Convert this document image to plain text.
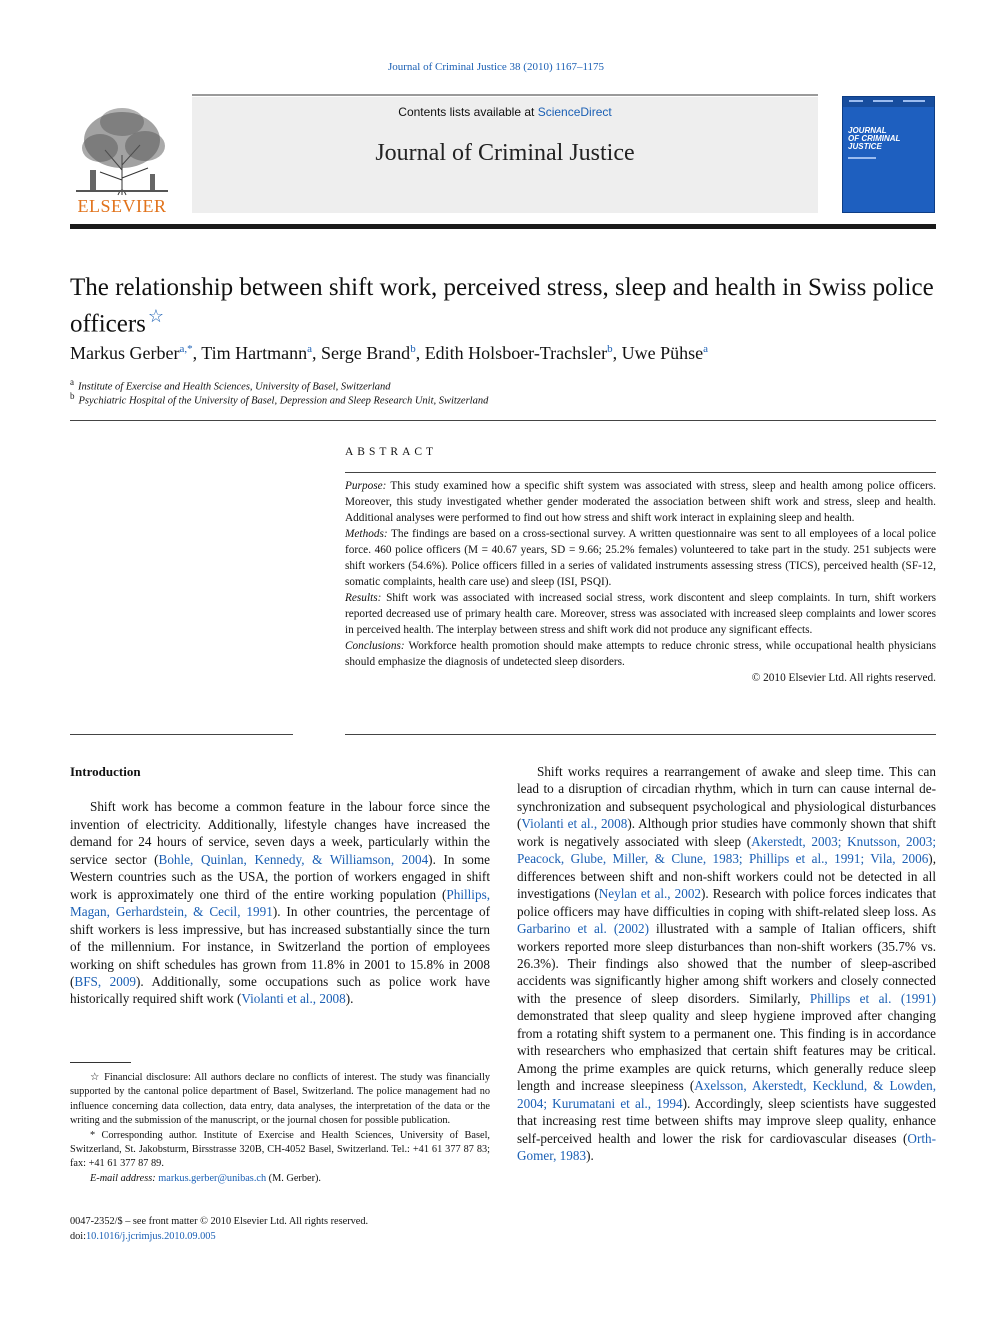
Journal of Criminal Justice 38 (2010) 1167–1175
ELSEVIER
Contents lists available at ScienceDirect
Journal of Criminal Justice
JOURNAL
OF CRIMINAL
JUSTICE
The relationship between shift work, perceived stress, sleep and health in Swiss police officers ☆
Markus Gerber$^{a,*}$, Tim Hartmann$^a$, Serge Brand$^b$, Edith Holsboer-Trachsler$^b$, Uwe Pühse$^a$
a Institute of Exercise and Health Sciences, University of Basel, Switzerland
b Psychiatric Hospital of the University of Basel, Depression and Sleep Research Unit, Switzerland
ABSTRACT

Purpose: This study examined how a specific shift system was associated with stress, sleep and health among police officers. Moreover, this study investigated whether gender moderated the association between shift work and stress, sleep and health. Additional analyses were performed to find out how stress and shift work interact in explaining sleep and health.

Methods: The findings are based on a cross-sectional survey. A written questionnaire was sent to all employees of a local police force. 460 police officers (M = 40.67 years, SD = 9.66; 25.2% females) volunteered to take part in the study. 251 subjects were shift workers (54.6%). Police officers filled in a series of validated instruments assessing stress (TICS), perceived health (SF-12, somatic complaints, health care use) and sleep (ISI, PSQI).

Results: Shift work was associated with increased social stress, work discontent and sleep complaints. In turn, shift workers reported decreased use of primary health care. Moreover, stress was associated with increased sleep complaints and lower scores in perceived health. The interplay between stress and shift work did not produce any significant effects.

Conclusions: Workforce health promotion should make attempts to reduce chronic stress, while occupational health physicians should emphasize the diagnosis of undetected sleep disorders.

© 2010 Elsevier Ltd. All rights reserved.

Introduction

Shift work has become a common feature in the labour force since the invention of electricity. Additionally, lifestyle changes have increased the demand for 24 hours of service, seven days a week, particularly within the service sector (Bohle, Quinlan, Kennedy, & Williamson, 2004). In some Western countries such as the USA, the portion of workers engaged in shift work is approximately one third of the entire working population (Phillips, Magan, Gerhardstein, & Cecil, 1991). In other countries, the percentage of shift workers is less impressive, but has increased substantially since the turn of the millennium. For instance, in Switzerland the portion of employees working on shift schedules has grown from 11.8% in 2001 to 15.8% in 2008 (BFS, 2009). Additionally, some occupations such as police work have historically required shift work (Violanti et al., 2008).

Shift works requires a rearrangement of awake and sleep time. This can lead to a disruption of circadian rhythm, which in turn can cause internal de-synchronization and subsequent psychological and physiological disturbances (Violanti et al., 2008). Although prior studies have commonly shown that shift work is negatively associated with sleep (Akerstedt, 2003; Knutsson, 2003; Peacock, Glube, Miller, & Clune, 1983; Phillips et al., 1991; Vila, 2006), differences between shift and non-shift workers could not be detected in all investigations (Neylan et al., 2002). Research with police forces indicates that police officers may have difficulties in coping with shift-related sleep loss. As Garbarino et al. (2002) illustrated with a sample of Italian officers, shift workers reported more sleep disturbances than non-shift workers (35.7% vs. 26.3%). Their findings also showed that the number of sleep-ascribed accidents was significantly higher among shift workers and closely connected with the presence of sleep disorders. Similarly, Phillips et al. (1991) demonstrated that sleep quality and sleep hygiene improved after changing from a rotating shift system to a permanent one. This finding is in accordance with researchers who emphasized that certain shift features may be critical. Among the prime examples are quick returns, which generally reduce sleep length and increase sleepiness (Axelsson, Akerstedt, Kecklund, & Lowden, 2004; Kurumatani et al., 1994). Accordingly, sleep scientists have suggested that increasing rest time between shifts may improve sleep quality, enhance self-perceived health and lower the risk for cardiovascular diseases (Orth-Gomer, 1983).

☆ Financial disclosure: All authors declare no conflicts of interest. The study was financially supported by the cantonal police department of Basel, Switzerland. The police management had no influence concerning data collection, data entry, data analyses, the interpretation of the data or the writing and the submission of the manuscript, or the journal chosen for possible publication.

* Corresponding author. Institute of Exercise and Health Sciences, University of Basel, Switzerland, St. Jakobsturm, Birsstrasse 320B, CH-4052 Basel, Switzerland. Tel.: +41 61 377 87 83; fax: +41 61 377 87 89.

E-mail address: markus.gerber@unibas.ch (M. Gerber).

0047-2352/$ – see front matter © 2010 Elsevier Ltd. All rights reserved.

doi:10.1016/j.jcrimjus.2010.09.005
